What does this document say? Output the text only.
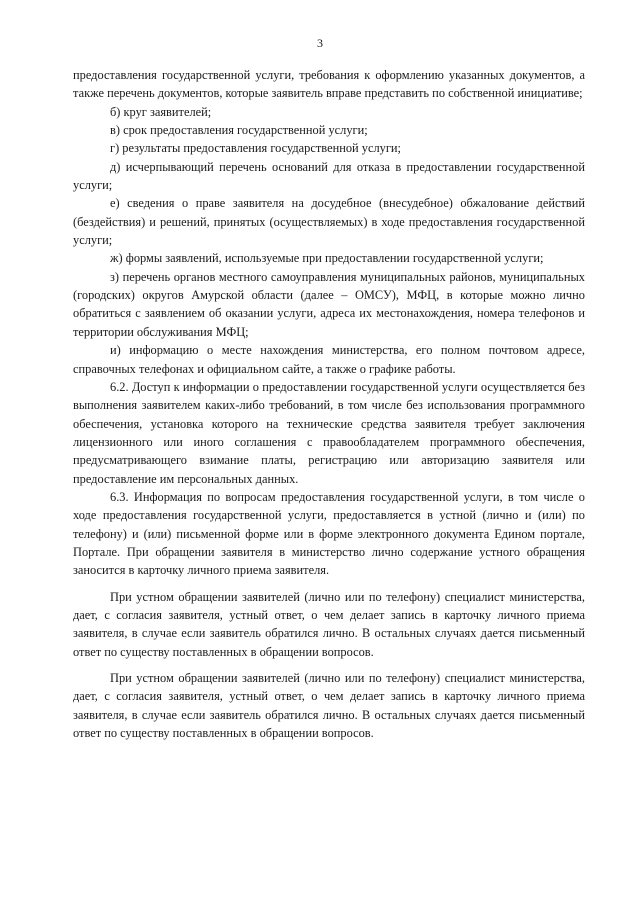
3

предоставления государственной услуги, требования к оформлению указанных документов, а также перечень документов, которые заявитель вправе представить по собственной инициативе;

б) круг заявителей;

в) срок предоставления государственной услуги;

г) результаты предоставления государственной услуги;

д) исчерпывающий перечень оснований для отказа в предоставлении государственной услуги;

е) сведения о праве заявителя на досудебное (внесудебное) обжалование действий (бездействия) и решений, принятых (осуществляемых) в ходе предоставления государственной услуги;

ж) формы заявлений, используемые при предоставлении государственной услуги;

з) перечень органов местного самоуправления муниципальных районов, муниципальных (городских) округов Амурской области (далее – ОМСУ), МФЦ, в которые можно лично обратиться с заявлением об оказании услуги, адреса их местонахождения, номера телефонов и территории обслуживания МФЦ;

и) информацию о месте нахождения министерства, его полном почтовом адресе, справочных телефонах и официальном сайте, а также о графике работы.

6.2. Доступ к информации о предоставлении государственной услуги осуществляется без выполнения заявителем каких-либо требований, в том числе без использования программного обеспечения, установка которого на технические средства заявителя требует заключения лицензионного или иного соглашения с правообладателем программного обеспечения, предусматривающего взимание платы, регистрацию или авторизацию заявителя или предоставление им персональных данных.

6.3. Информация по вопросам предоставления государственной услуги, в том числе о ходе предоставления государственной услуги, предоставляется в устной (лично и (или) по телефону) и (или) письменной форме или в форме электронного документа Едином портале, Портале. При обращении заявителя в министерство лично содержание устного обращения заносится в карточку личного приема заявителя.

При устном обращении заявителей (лично или по телефону) специалист министерства, дает, с согласия заявителя, устный ответ, о чем делает запись в карточку личного приема заявителя, в случае если заявитель обратился лично. В остальных случаях дается письменный ответ по существу поставленных в обращении вопросов.

При устном обращении заявителей (лично или по телефону) специалист министерства, дает, с согласия заявителя, устный ответ, о чем делает запись в карточку личного приема заявителя, в случае если заявитель обратился лично. В остальных случаях дается письменный ответ по существу поставленных в обращении вопросов.
